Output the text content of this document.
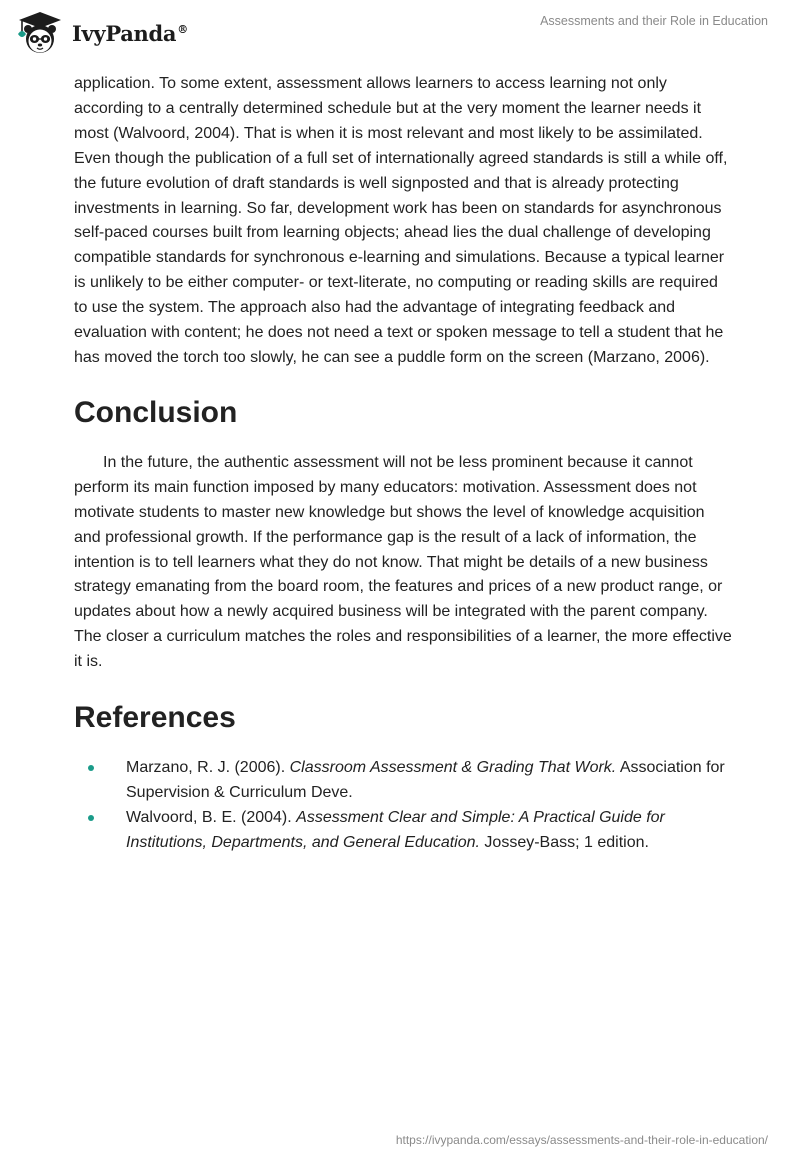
IvyPanda®
Assessments and their Role in Education

application. To some extent, assessment allows learners to access learning not only according to a centrally determined schedule but at the very moment the learner needs it most (Walvoord, 2004). That is when it is most relevant and most likely to be assimilated. Even though the publication of a full set of internationally agreed standards is still a while off, the future evolution of draft standards is well signposted and that is already protecting investments in learning. So far, development work has been on standards for asynchronous self-paced courses built from learning objects; ahead lies the dual challenge of developing compatible standards for synchronous e-learning and simulations. Because a typical learner is unlikely to be either computer- or text-literate, no computing or reading skills are required to use the system. The approach also had the advantage of integrating feedback and evaluation with content; he does not need a text or spoken message to tell a student that he has moved the torch too slowly, he can see a puddle form on the screen (Marzano, 2006).

Conclusion

In the future, the authentic assessment will not be less prominent because it cannot perform its main function imposed by many educators: motivation. Assessment does not motivate students to master new knowledge but shows the level of knowledge acquisition and professional growth. If the performance gap is the result of a lack of information, the intention is to tell learners what they do not know. That might be details of a new business strategy emanating from the board room, the features and prices of a new product range, or updates about how a newly acquired business will be integrated with the parent company. The closer a curriculum matches the roles and responsibilities of a learner, the more effective it is.

References
Marzano, R. J. (2006). Classroom Assessment & Grading That Work. Association for Supervision & Curriculum Deve.
Walvoord, B. E. (2004). Assessment Clear and Simple: A Practical Guide for Institutions, Departments, and General Education. Jossey-Bass; 1 edition.
https://ivypanda.com/essays/assessments-and-their-role-in-education/
